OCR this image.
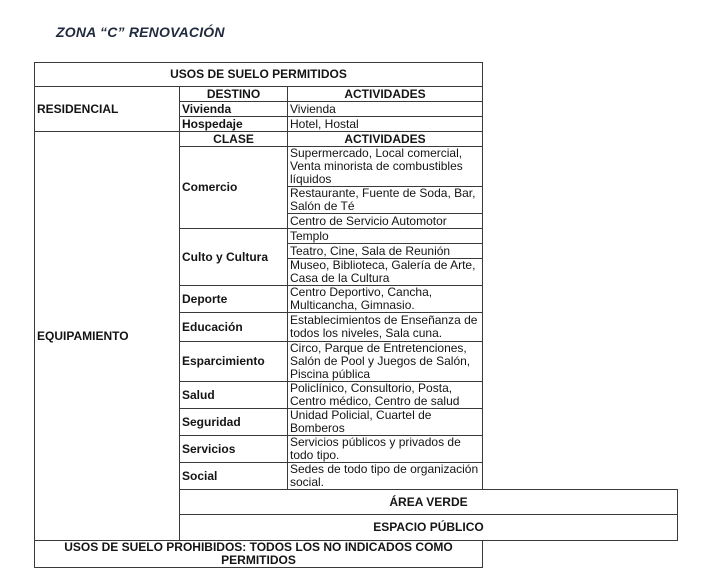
ZONA “C” RENOVACIÓN
USOS DE SUELO PERMITIDOS		
RESIDENCIAL	DESTINO	ACTIVIDADES
	Vivienda	Vivienda
	Hospedaje	Hotel, Hostal
EQUIPAMIENTO	CLASE	ACTIVIDADES
	Comercio	Supermercado, Local comercial, Venta minorista de combustibles líquidos
		Restaurante, Fuente de Soda, Bar, Salón de Té
		Centro de Servicio Automotor
	Culto y Cultura	Templo
		Teatro, Cine, Sala de Reunión
		Museo, Biblioteca, Galería de Arte, Casa de la Cultura
	Deporte	Centro Deportivo, Cancha, Multicancha, Gimnasio.
	Educación	Establecimientos de Enseñanza de todos los niveles, Sala cuna.
	Esparcimiento	Circo, Parque de Entretenciones, Salón de Pool y Juegos de Salón, Piscina pública
	Salud	Policlínico, Consultorio, Posta, Centro médico, Centro de salud
	Seguridad	Unidad Policial, Cuartel de Bomberos
	Servicios	Servicios públicos y privados de todo tipo.
	Social	Sedes de todo tipo de organización social.
	ÁREA VERDE	
	ESPACIO PÚBLICO	
USOS DE SUELO PROHIBIDOS: TODOS LOS NO INDICADOS COMO PERMITIDOS		
